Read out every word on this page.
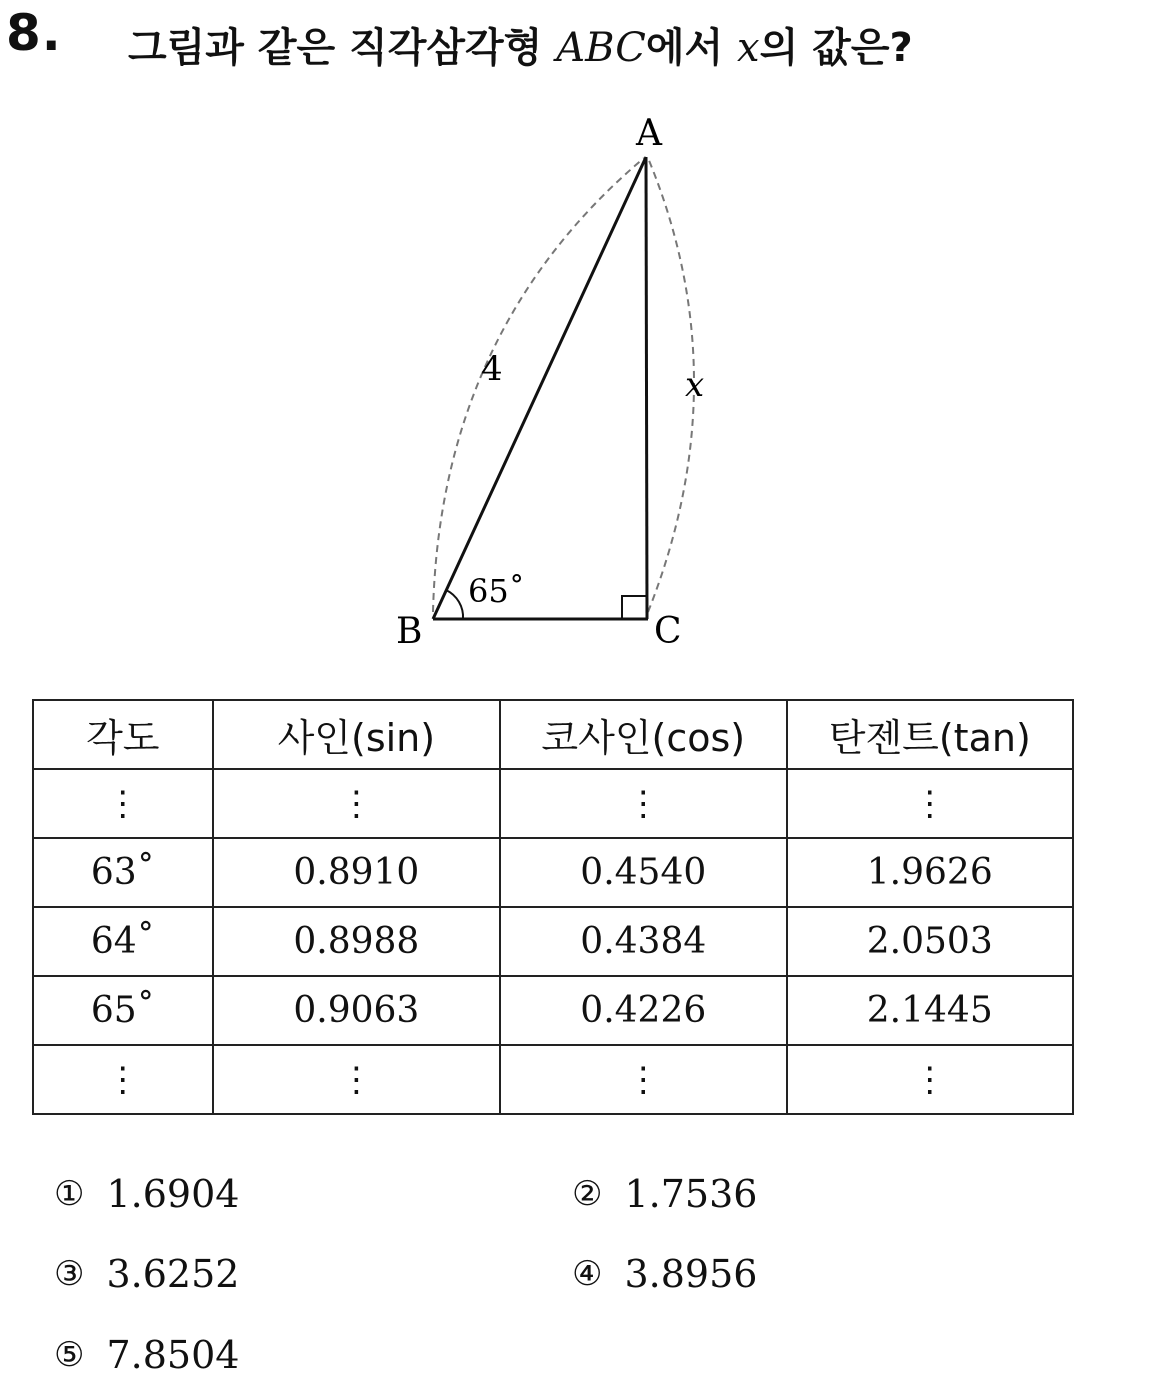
8. 그림과 같은 직각삼각형 ABC에서 x의 값은?
A
B	C
4	x
65˚
각도	사인(sin)	코사인(cos)	탄젠트(tan)
⋮	⋮	⋮	⋮
63˚	0.8910	0.4540	1.9626
64˚	0.8988	0.4384	2.0503
65˚	0.9063	0.4226	2.1445
⋮	⋮	⋮	⋮
① 1.6904	② 1.7536
③ 3.6252	④ 3.8956
⑤ 7.8504
